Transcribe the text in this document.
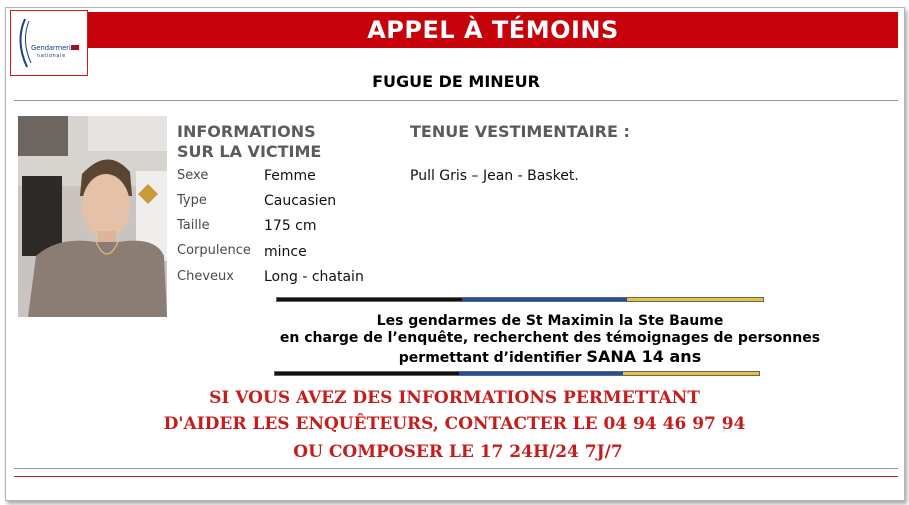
Gendarmerie
nationale
APPEL À TÉMOINS
FUGUE DE MINEUR
INFORMATIONS
SUR LA VICTIME
Sexe	Femme
Type	Caucasien
Taille	175 cm
Corpulence mince
Cheveux Long - chatain
TENUE VESTIMENTAIRE :
Pull Gris – Jean - Basket.
Les gendarmes de St Maximin la Ste Baume
en charge de l’enquête, recherchent des témoignages de personnes
permettant d’identifier SANA 14 ans
SI VOUS AVEZ DES INFORMATIONS PERMETTANT
D'AIDER LES ENQUÊTEURS, CONTACTER LE 04 94 46 97 94
OU COMPOSER LE 17 24H/24 7J/7
